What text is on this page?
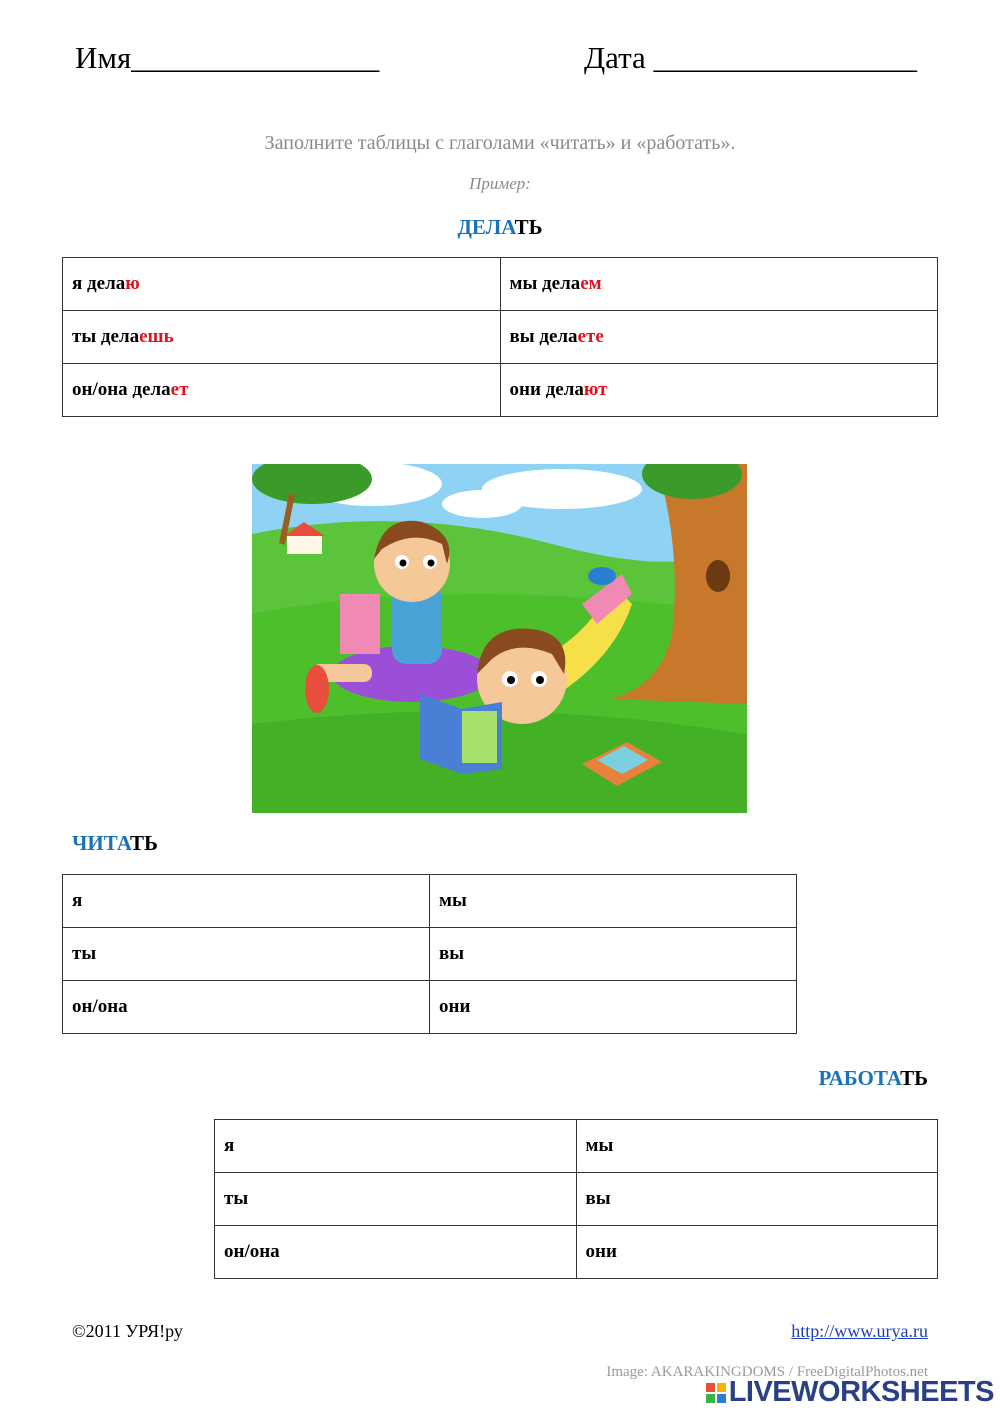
Имя________________	Дата _________________
Заполните таблицы с глаголами «читать» и «работать».
Пример:
ДЕЛАТЬ
я делаю	мы делаем
ты делаешь	вы делаете
он/она делает	они делают
ЧИТАТЬ
я	мы
ты	вы
он/она	они
РАБОТАТЬ
я	мы
ты	вы
он/она	они
©2011 УРЯ!ру	http://www.urya.ru
Image: AKARAKINGDOMS / FreeDigitalPhotos.net
LIVEWORKSHEETS
